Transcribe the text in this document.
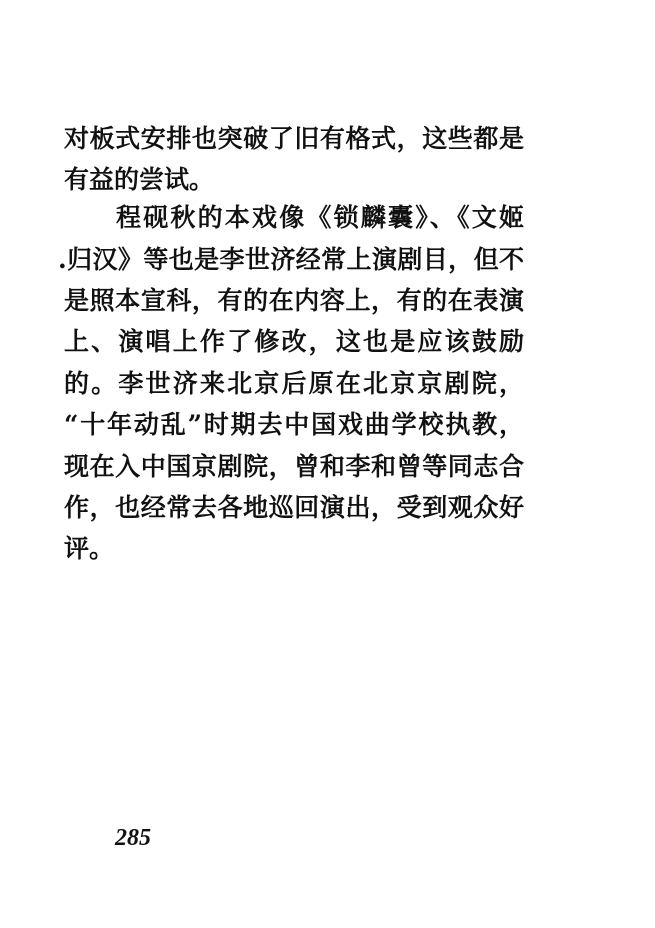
对板式安排也突破了旧有格式，这些都是
有益的尝试。
程砚秋的本戏像《锁麟囊》、《文姬
.归汉》等也是李世济经常上演剧目，但不
是照本宣科，有的在内容上，有的在表演
上、演唱上作了修改，这也是应该鼓励
的。李世济来北京后原在北京京剧院，
“十年动乱”时期去中国戏曲学校执教，
现在入中国京剧院，曾和李和曾等同志合
作，也经常去各地巡回演出，受到观众好
评。
285
